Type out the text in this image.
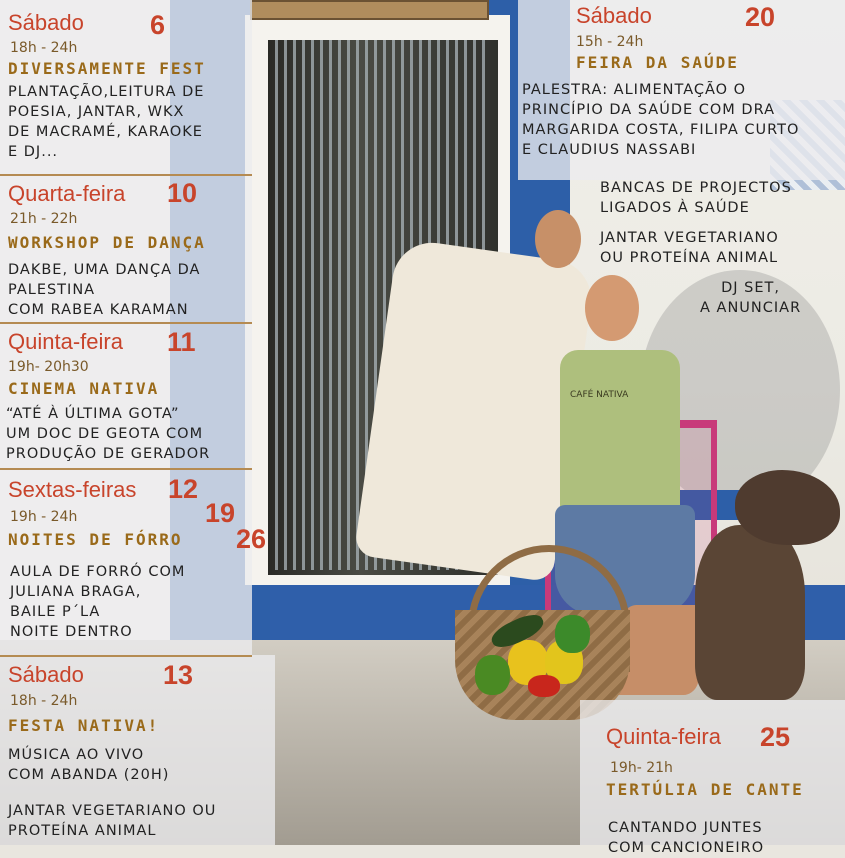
CAFÉ NATIVA
Sábado 6
18h - 24h
DIVERSAMENTE FEST
PLANTAÇÃO,LEITURA DE
POESIA, JANTAR, WKX
DE MACRAMÉ, KARAOKE
E DJ...
Quarta-feira 10
21h - 22h
WORKSHOP DE DANÇA
DAKBE, UMA DANÇA DA
PALESTINA
COM RABEA KARAMAN
Quinta-feira 11
19h- 20h30
CINEMA NATIVA
“ATÉ À ÚLTIMA GOTA”
UM DOC DE GEOTA COM
PRODUÇÃO DE GERADOR
Sextas-feiras 12
19
26
19h - 24h
NOITES DE FÓRRO
AULA DE FORRÓ COM
JULIANA BRAGA,
BAILE P´LA
NOITE DENTRO
Sábado	13
18h - 24h
FESTA NATIVA!
MÚSICA AO VIVO
COM ABANDA (20H)
JANTAR VEGETARIANO OU
PROTEÍNA ANIMAL
Sábado	20
15h - 24h
FEIRA DA SAÚDE
PALESTRA: ALIMENTAÇÃO O
PRINCÍPIO DA SAÚDE COM DRA
MARGARIDA COSTA, FILIPA CURTO
E CLAUDIUS NASSABI
BANCAS DE PROJECTOS
LIGADOS À SAÚDE
JANTAR VEGETARIANO
OU PROTEÍNA ANIMAL
DJ SET,
A ANUNCIAR
Quinta-feira 25
19h- 21h
TERTÚLIA DE CANTE
CANTANDO JUNTES
COM CANCIONEIRO
